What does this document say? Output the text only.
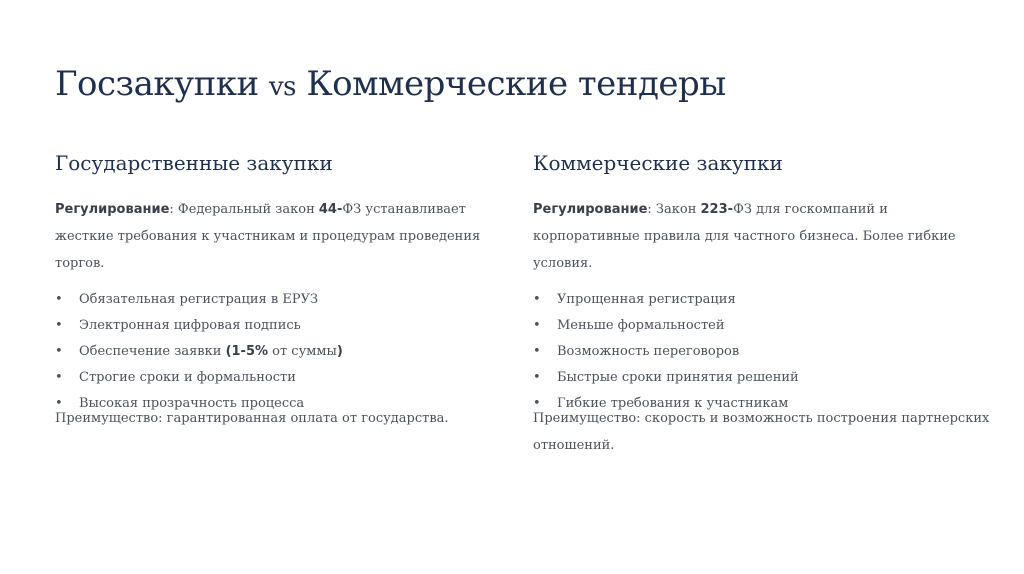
Госзакупки vs Коммерческие тендеры
Государственные закупки

Регулирование: Федеральный закон 44-ФЗ устанавливает жесткие требования к участникам и процедурам проведения торгов.

• Обязательная регистрация в ЕРУЗ
• Электронная цифровая подпись
• Обеспечение заявки (1-5% от суммы)
• Строгие сроки и формальности
• Высокая прозрачность процесса

Преимущество: гарантированная оплата от государства.

Коммерческие закупки

Регулирование: Закон 223-ФЗ для госкомпаний и корпоративные правила для частного бизнеса. Более гибкие условия.

• Упрощенная регистрация
• Меньше формальностей
• Возможность переговоров
• Быстрые сроки принятия решений
• Гибкие требования к участникам

Преимущество: скорость и возможность построения партнерских отношений.
